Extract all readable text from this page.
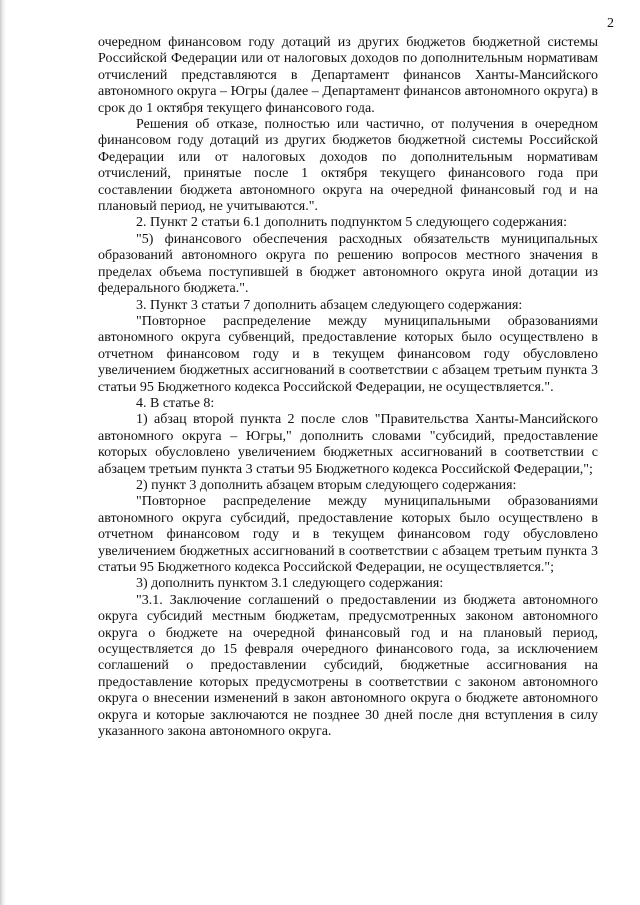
2

очередном финансовом году дотаций из других бюджетов бюджетной системы Российской Федерации или от налоговых доходов по дополнительным нормативам отчислений представляются в Департамент финансов Ханты-Мансийского автономного округа – Югры (далее – Департамент финансов автономного округа) в срок до 1 октября текущего финансового года.

Решения об отказе, полностью или частично, от получения в очередном финансовом году дотаций из других бюджетов бюджетной системы Российской Федерации или от налоговых доходов по дополнительным нормативам отчислений, принятые после 1 октября текущего финансового года при составлении бюджета автономного округа на очередной финансовый год и на плановый период, не учитываются.".

2. Пункт 2 статьи 6.1 дополнить подпунктом 5 следующего содержания:

"5) финансового обеспечения расходных обязательств муниципальных образований автономного округа по решению вопросов местного значения в пределах объема поступившей в бюджет автономного округа иной дотации из федерального бюджета.".

3. Пункт 3 статьи 7 дополнить абзацем следующего содержания:

"Повторное распределение между муниципальными образованиями автономного округа субвенций, предоставление которых было осуществлено в отчетном финансовом году и в текущем финансовом году обусловлено увеличением бюджетных ассигнований в соответствии с абзацем третьим пункта 3 статьи 95 Бюджетного кодекса Российской Федерации, не осуществляется.".

4. В статье 8:

1) абзац второй пункта 2 после слов "Правительства Ханты-Мансийского автономного округа – Югры," дополнить словами "субсидий, предоставление которых обусловлено увеличением бюджетных ассигнований в соответствии с абзацем третьим пункта 3 статьи 95 Бюджетного кодекса Российской Федерации,";

2) пункт 3 дополнить абзацем вторым следующего содержания:

"Повторное распределение между муниципальными образованиями автономного округа субсидий, предоставление которых было осуществлено в отчетном финансовом году и в текущем финансовом году обусловлено увеличением бюджетных ассигнований в соответствии с абзацем третьим пункта 3 статьи 95 Бюджетного кодекса Российской Федерации, не осуществляется.";

3) дополнить пунктом 3.1 следующего содержания:

"3.1. Заключение соглашений о предоставлении из бюджета автономного округа субсидий местным бюджетам, предусмотренных законом автономного округа о бюджете на очередной финансовый год и на плановый период, осуществляется до 15 февраля очередного финансового года, за исключением соглашений о предоставлении субсидий, бюджетные ассигнования на предоставление которых предусмотрены в соответствии с законом автономного округа о внесении изменений в закон автономного округа о бюджете автономного округа и которые заключаются не позднее 30 дней после дня вступления в силу указанного закона автономного округа.
